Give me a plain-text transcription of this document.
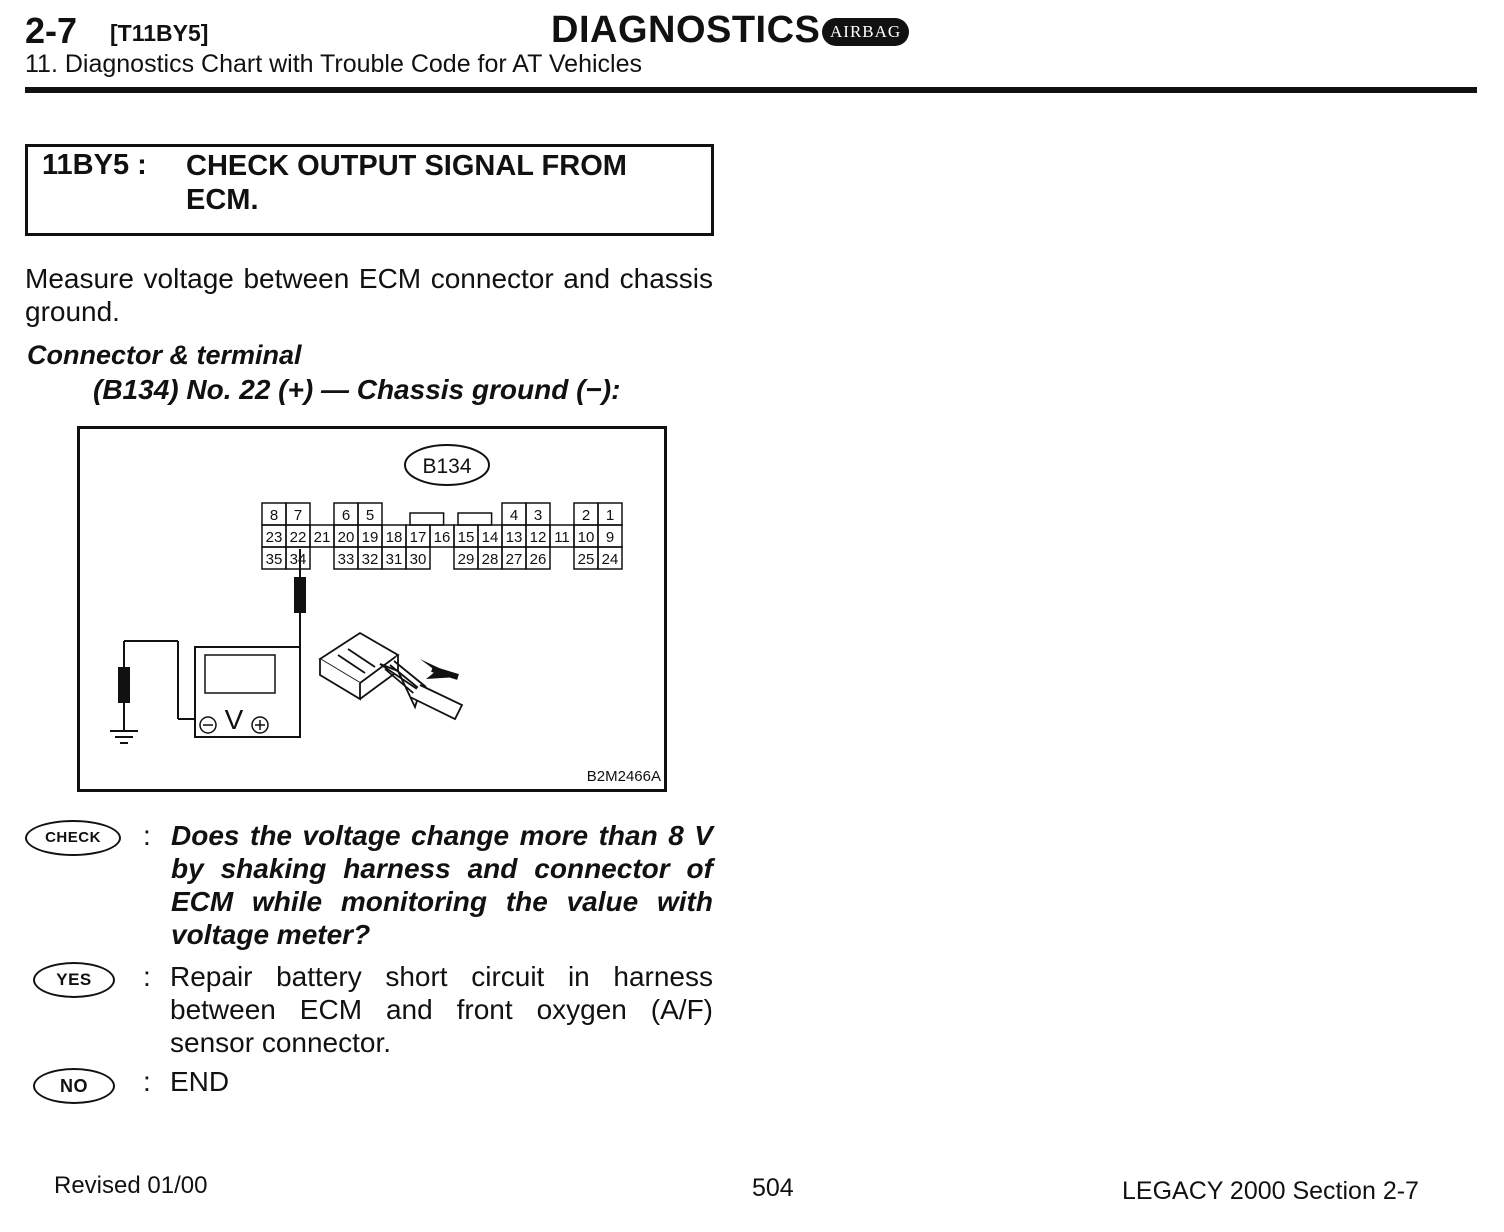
2-7 [T11BY5]	DIAGNOSTICS AIRBAG
11. Diagnostics Chart with Trouble Code for AT Vehicles
11BY5 : CHECK OUTPUT SIGNAL FROM ECM.
Measure voltage between ECM connector and chassis ground.
Connector & terminal
(B134) No. 22 (+) — Chassis ground (−):
B134
8 7	6 5	4 3	2 1
23 22 21 20 19 18 17 16 15 14 13 12 11 10 9
35 34 33 32 31 30 29 28 27 26 25 24
V
B2M2466A
CHECK	: Does the voltage change more than 8 V by shaking harness and connector of ECM while monitoring the value with voltage meter?
YES	: Repair battery short circuit in harness between ECM and front oxygen (A/F) sensor connector.
NO	: END
Revised 01/00	504	LEGACY 2000 Section 2-7
